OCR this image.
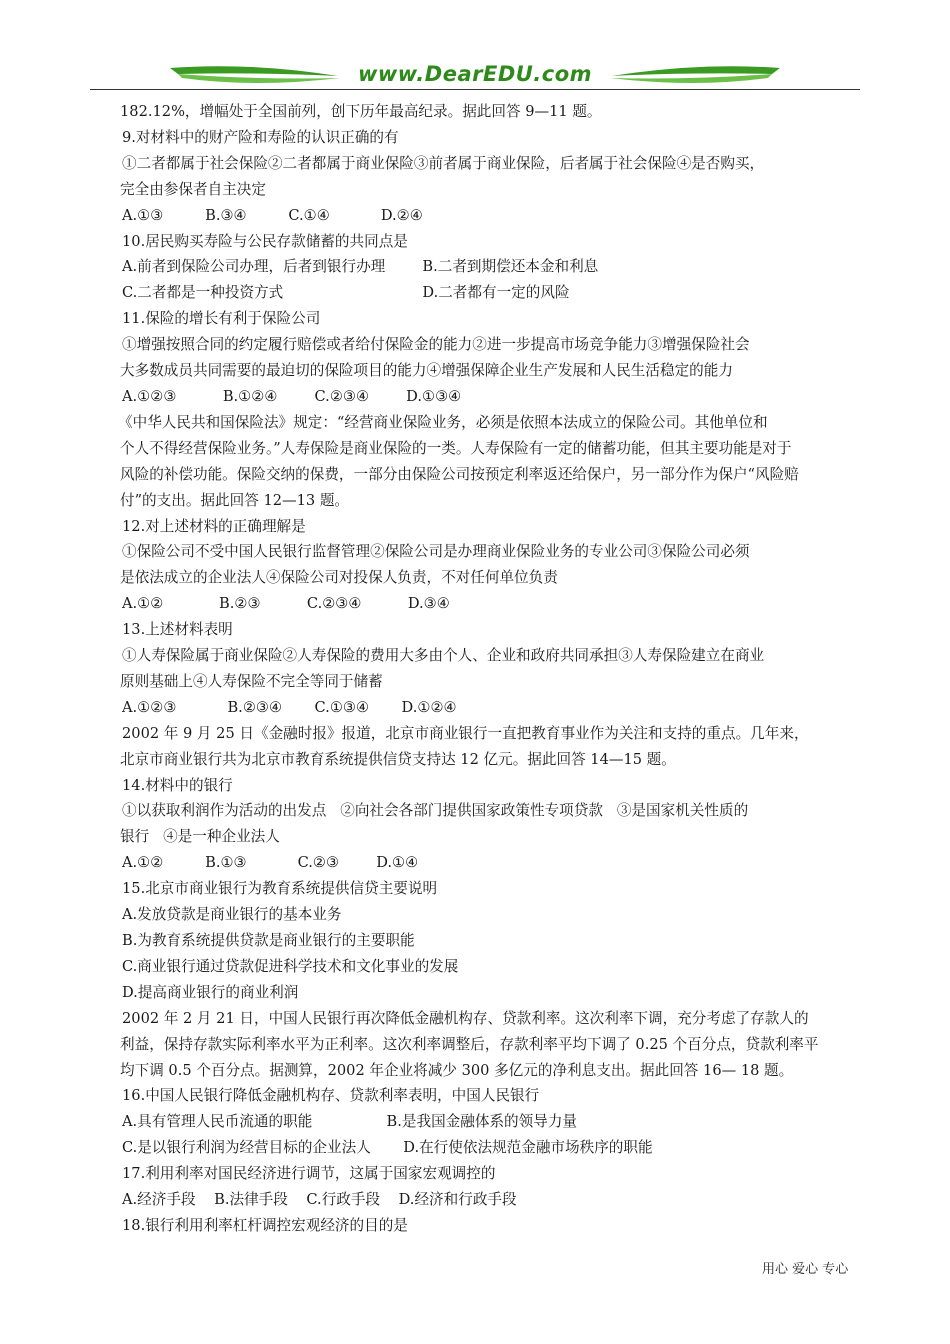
www.DearEDU.com
182.12%，增幅处于全国前列，创下历年最高纪录。据此回答 9—11 题。
9.对材料中的财产险和寿险的认识正确的有
①二者都属于社会保险②二者都属于商业保险③前者属于商业保险，后者属于社会保险④是否购买，
完全由参保者自主决定
A.①③         B.③④         C.①④           D.②④
10.居民购买寿险与公民存款储蓄的共同点是
A.前者到保险公司办理，后者到银行办理        B.二者到期偿还本金和利息
C.二者都是一种投资方式                              D.二者都有一定的风险
11.保险的增长有利于保险公司
①增强按照合同的约定履行赔偿或者给付保险金的能力②进一步提高市场竞争能力③增强保险社会
大多数成员共同需要的最迫切的保险项目的能力④增强保障企业生产发展和人民生活稳定的能力
A.①②③          B.①②④        C.②③④        D.①③④
《中华人民共和国保险法》规定：“经营商业保险业务，必须是依照本法成立的保险公司。其他单位和
个人不得经营保险业务。”人寿保险是商业保险的一类。人寿保险有一定的储蓄功能，但其主要功能是对于
风险的补偿功能。保险交纳的保费，一部分由保险公司按预定利率返还给保户，另一部分作为保户“风险赔
付”的支出。据此回答 12—13 题。
12.对上述材料的正确理解是
①保险公司不受中国人民银行监督管理②保险公司是办理商业保险业务的专业公司③保险公司必须
是依法成立的企业法人④保险公司对投保人负责，不对任何单位负责
A.①②            B.②③          C.②③④          D.③④
13.上述材料表明
①人寿保险属于商业保险②人寿保险的费用大多由个人、企业和政府共同承担③人寿保险建立在商业
原则基础上④人寿保险不完全等同于储蓄
A.①②③           B.②③④       C.①③④       D.①②④
2002 年 9 月 25 日《金融时报》报道，北京市商业银行一直把教育事业作为关注和支持的重点。几年来，
北京市商业银行共为北京市教育系统提供信贷支持达 12 亿元。据此回答 14—15 题。
14.材料中的银行
①以获取利润作为活动的出发点   ②向社会各部门提供国家政策性专项贷款   ③是国家机关性质的
银行   ④是一种企业法人
A.①②         B.①③           C.②③        D.①④
15.北京市商业银行为教育系统提供信贷主要说明
A.发放贷款是商业银行的基本业务
B.为教育系统提供贷款是商业银行的主要职能
C.商业银行通过贷款促进科学技术和文化事业的发展
D.提高商业银行的商业利润
2002 年 2 月 21 日，中国人民银行再次降低金融机构存、贷款利率。这次利率下调，充分考虑了存款人的
利益，保持存款实际利率水平为正利率。这次利率调整后，存款利率平均下调了 0.25 个百分点，贷款利率平
均下调 0.5 个百分点。据测算，2002 年企业将减少 300 多亿元的净利息支出。据此回答 16— 18 题。
16.中国人民银行降低金融机构存、贷款利率表明，中国人民银行
A.具有管理人民币流通的职能                B.是我国金融体系的领导力量
C.是以银行利润为经营目标的企业法人       D.在行使依法规范金融市场秩序的职能
17.利用利率对国民经济进行调节，这属于国家宏观调控的
A.经济手段    B.法律手段    C.行政手段    D.经济和行政手段
18.银行利用利率杠杆调控宏观经济的目的是
用心 爱心 专心
